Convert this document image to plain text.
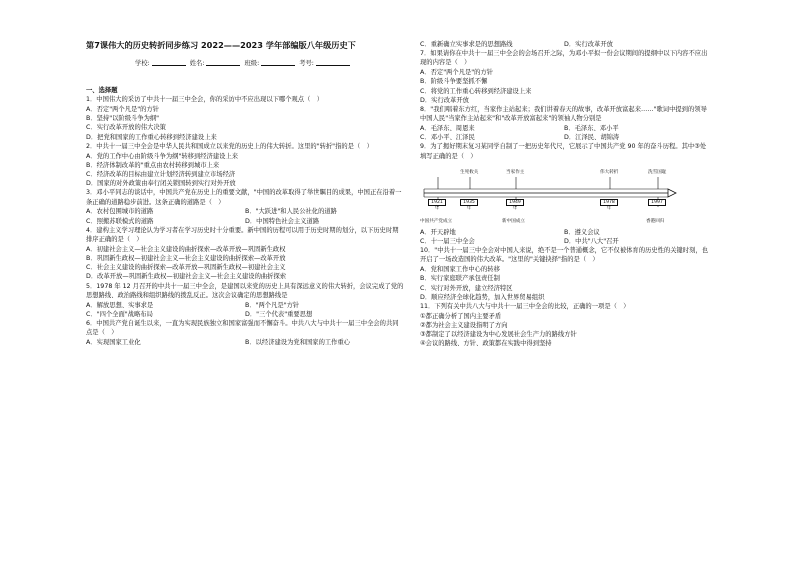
第7课伟大的历史转折同步练习 2022——2023 学年部编版八年级历史下
学校:	姓名:	班级:	考号:
一、选择题
1．中国伟大的采访了中共十一届三中全会，你的采访中不应出现以下哪个观点（　）
A．否定"两个凡是"的方针
B．坚持"以阶级斗争为纲"
C．实行改革开放的伟大决策
D．把党和国家的工作重心转移到经济建设上来
2．中共十一届三中全会是中华人民共和国成立以来党的历史上的伟大转折。这里的"转折"指的是（　）
A．党的工作中心由阶级斗争为纲"转移到经济建设上来
B．经济体制改革的"重点由农村转移到城市上来
C．经济改革的目标由建立计划经济转到建立市场经济
D．国家的对外政策由奉行闭关锁国转到实行对外开放
3．邓小平同志的谈话中，中国共产党在历史上的重要文献，"中国的改革取得了举世瞩目的成果，中国正在沿着一条正确的道路稳步前进。这条正确的道路是（　）
A．农村包围城市的道路	B．"大跃进"和人民公社化的道路
C．照搬苏联模式的道路	D．中国特色社会主义道路
4．建构主义学习理论认为学习者在学习历史时十分重要。新中国的历程可以用于历史时期的划分，以下历史时期排序正确的是（　）
A．初建社会主义—社会主义建设的曲折探索—改革开放—巩固新生政权
B．巩固新生政权—初建社会主义—社会主义建设的曲折探索—改革开放
C．社会主义建设的曲折探索—改革开放—巩固新生政权—初建社会主义
D．改革开放—巩固新生政权—初建社会主义—社会主义建设的曲折探索
5．1978 年 12 月召开的中共十一届三中全会，是建国以来党的历史上具有深远意义的伟大转折，会议完成了党的思想路线、政治路线和组织路线的拨乱反正。这次会议确定的思想路线是
A．解放思想、实事求是	B．"两个凡是"方针
C．"四个全面"战略布局	D．"三个代表"重要思想
6．中国共产党自诞生以来，一直为实现民族独立和国家富强而不懈奋斗。中共八大与中共十一届三中全会的共同点是（　）
A．实现国家工业化	B．以经济建设为党和国家的工作重心
C．重新确立实事求是的思想路线	D．实行改革开放
7．如果请你在中共十一届三中全会的会场召开之际，为邓小平拟一份会议期间的提纲中以下内容不应出现的内容是（　）
A．否定"两个凡是"的方针
B．阶级斗争要坚抓不懈
C．将党的工作重心转移到经济建设上来
D．实行改革开放
8．"我们唱着东方红，当家作主站起来；我们讲着春天的故事，改革开放富起来……"歌词中提到的领导中国人民"当家作主站起来"和"改革开放富起来"的领袖人物分别是
A．毛泽东、周恩来	B．毛泽东、邓小平
C．邓小平、江泽民	D．江泽民、胡锦涛
9．为了揭好期末复习某同学自制了一把历史年代尺，它展示了中国共产党 90 年的奋斗历程。其中③处填写正确的是（　）
生死攸关	当家作主	伟大转折	洗雪国耻
1921 年
1935 年
1949 年
1978 年
1997
中国共产党成立	新中国成立	香港回归
A．开天辟地	B．遵义会议
C．十一届三中全会	D．中共"八大"召开
10．"中共十一届三中全会对中国人来说，绝不是一个普通概念，它不仅被体育的历史性的关键时刻，也开启了一场改造国的伟大改革。"这里的"关键抉择"指的是（　）
A．党和国家工作中心的转移
B．实行家庭联产承包责任制
C．实行对外开放，建立经济特区
D．顺应经济全球化趋势，加入世界贸易组织
11．下列有关中共八大与中共十一届三中全会的比较，正确的一项是（　）
①都正确分析了国内主要矛盾
②都为社会主义建设指明了方向
③都制定了以经济建设为中心发展社会生产力的路线方针
④会议的路线、方针、政策都在实践中得到坚持
